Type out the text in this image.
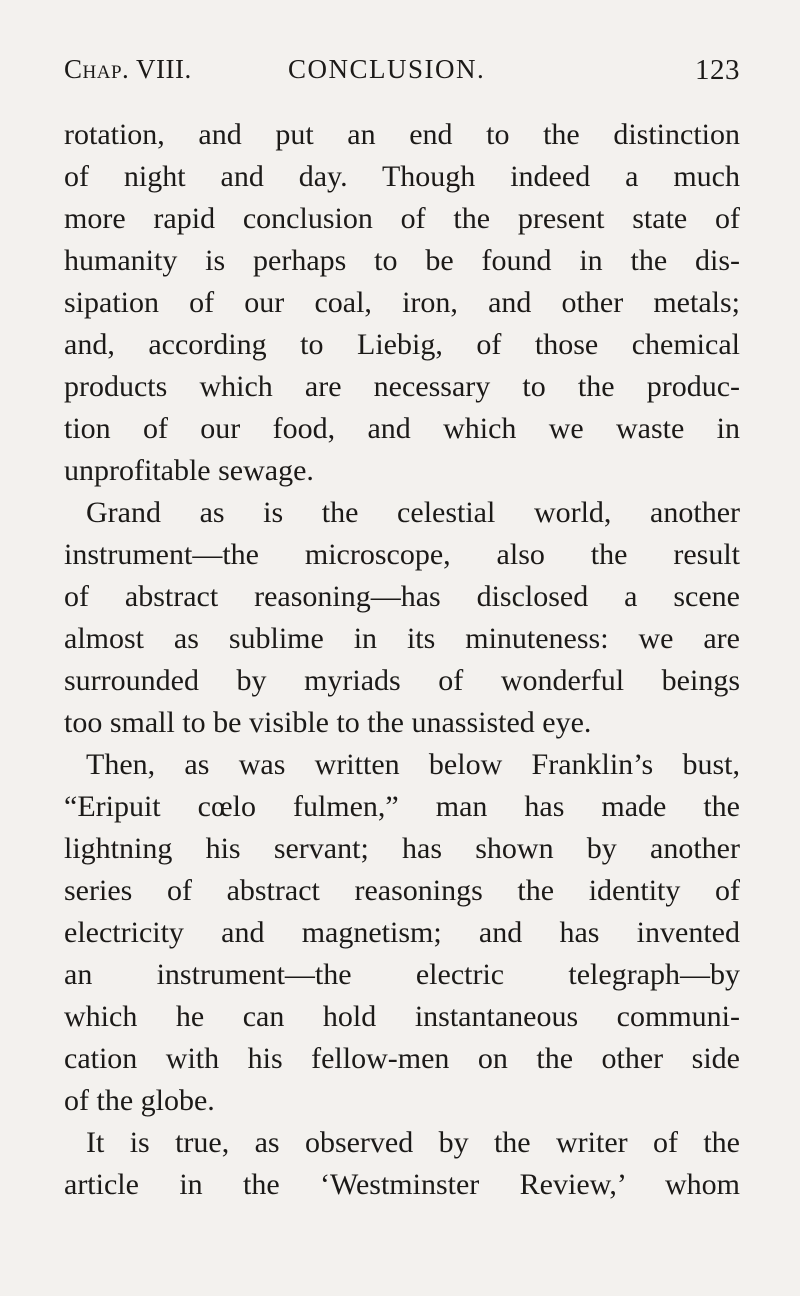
Chap. VIII.	CONCLUSION.	123
rotation, and put an end to the distinction
of night and day. Though indeed a much
more rapid conclusion of the present state of
humanity is perhaps to be found in the dis-
sipation of our coal, iron, and other metals;
and, according to Liebig, of those chemical
products which are necessary to the produc-
tion of our food, and which we waste in
unprofitable sewage.
Grand as is the celestial world, another
instrument—the microscope, also the result
of abstract reasoning—has disclosed a scene
almost as sublime in its minuteness: we are
surrounded by myriads of wonderful beings
too small to be visible to the unassisted eye.
Then, as was written below Franklin’s bust,
“Eripuit cœlo fulmen,” man has made the
lightning his servant; has shown by another
series of abstract reasonings the identity of
electricity and magnetism; and has invented
an instrument—the electric telegraph—by
which he can hold instantaneous communi-
cation with his fellow-men on the other side
of the globe.
It is true, as observed by the writer of the
article in the ‘Westminster Review,’ whom
